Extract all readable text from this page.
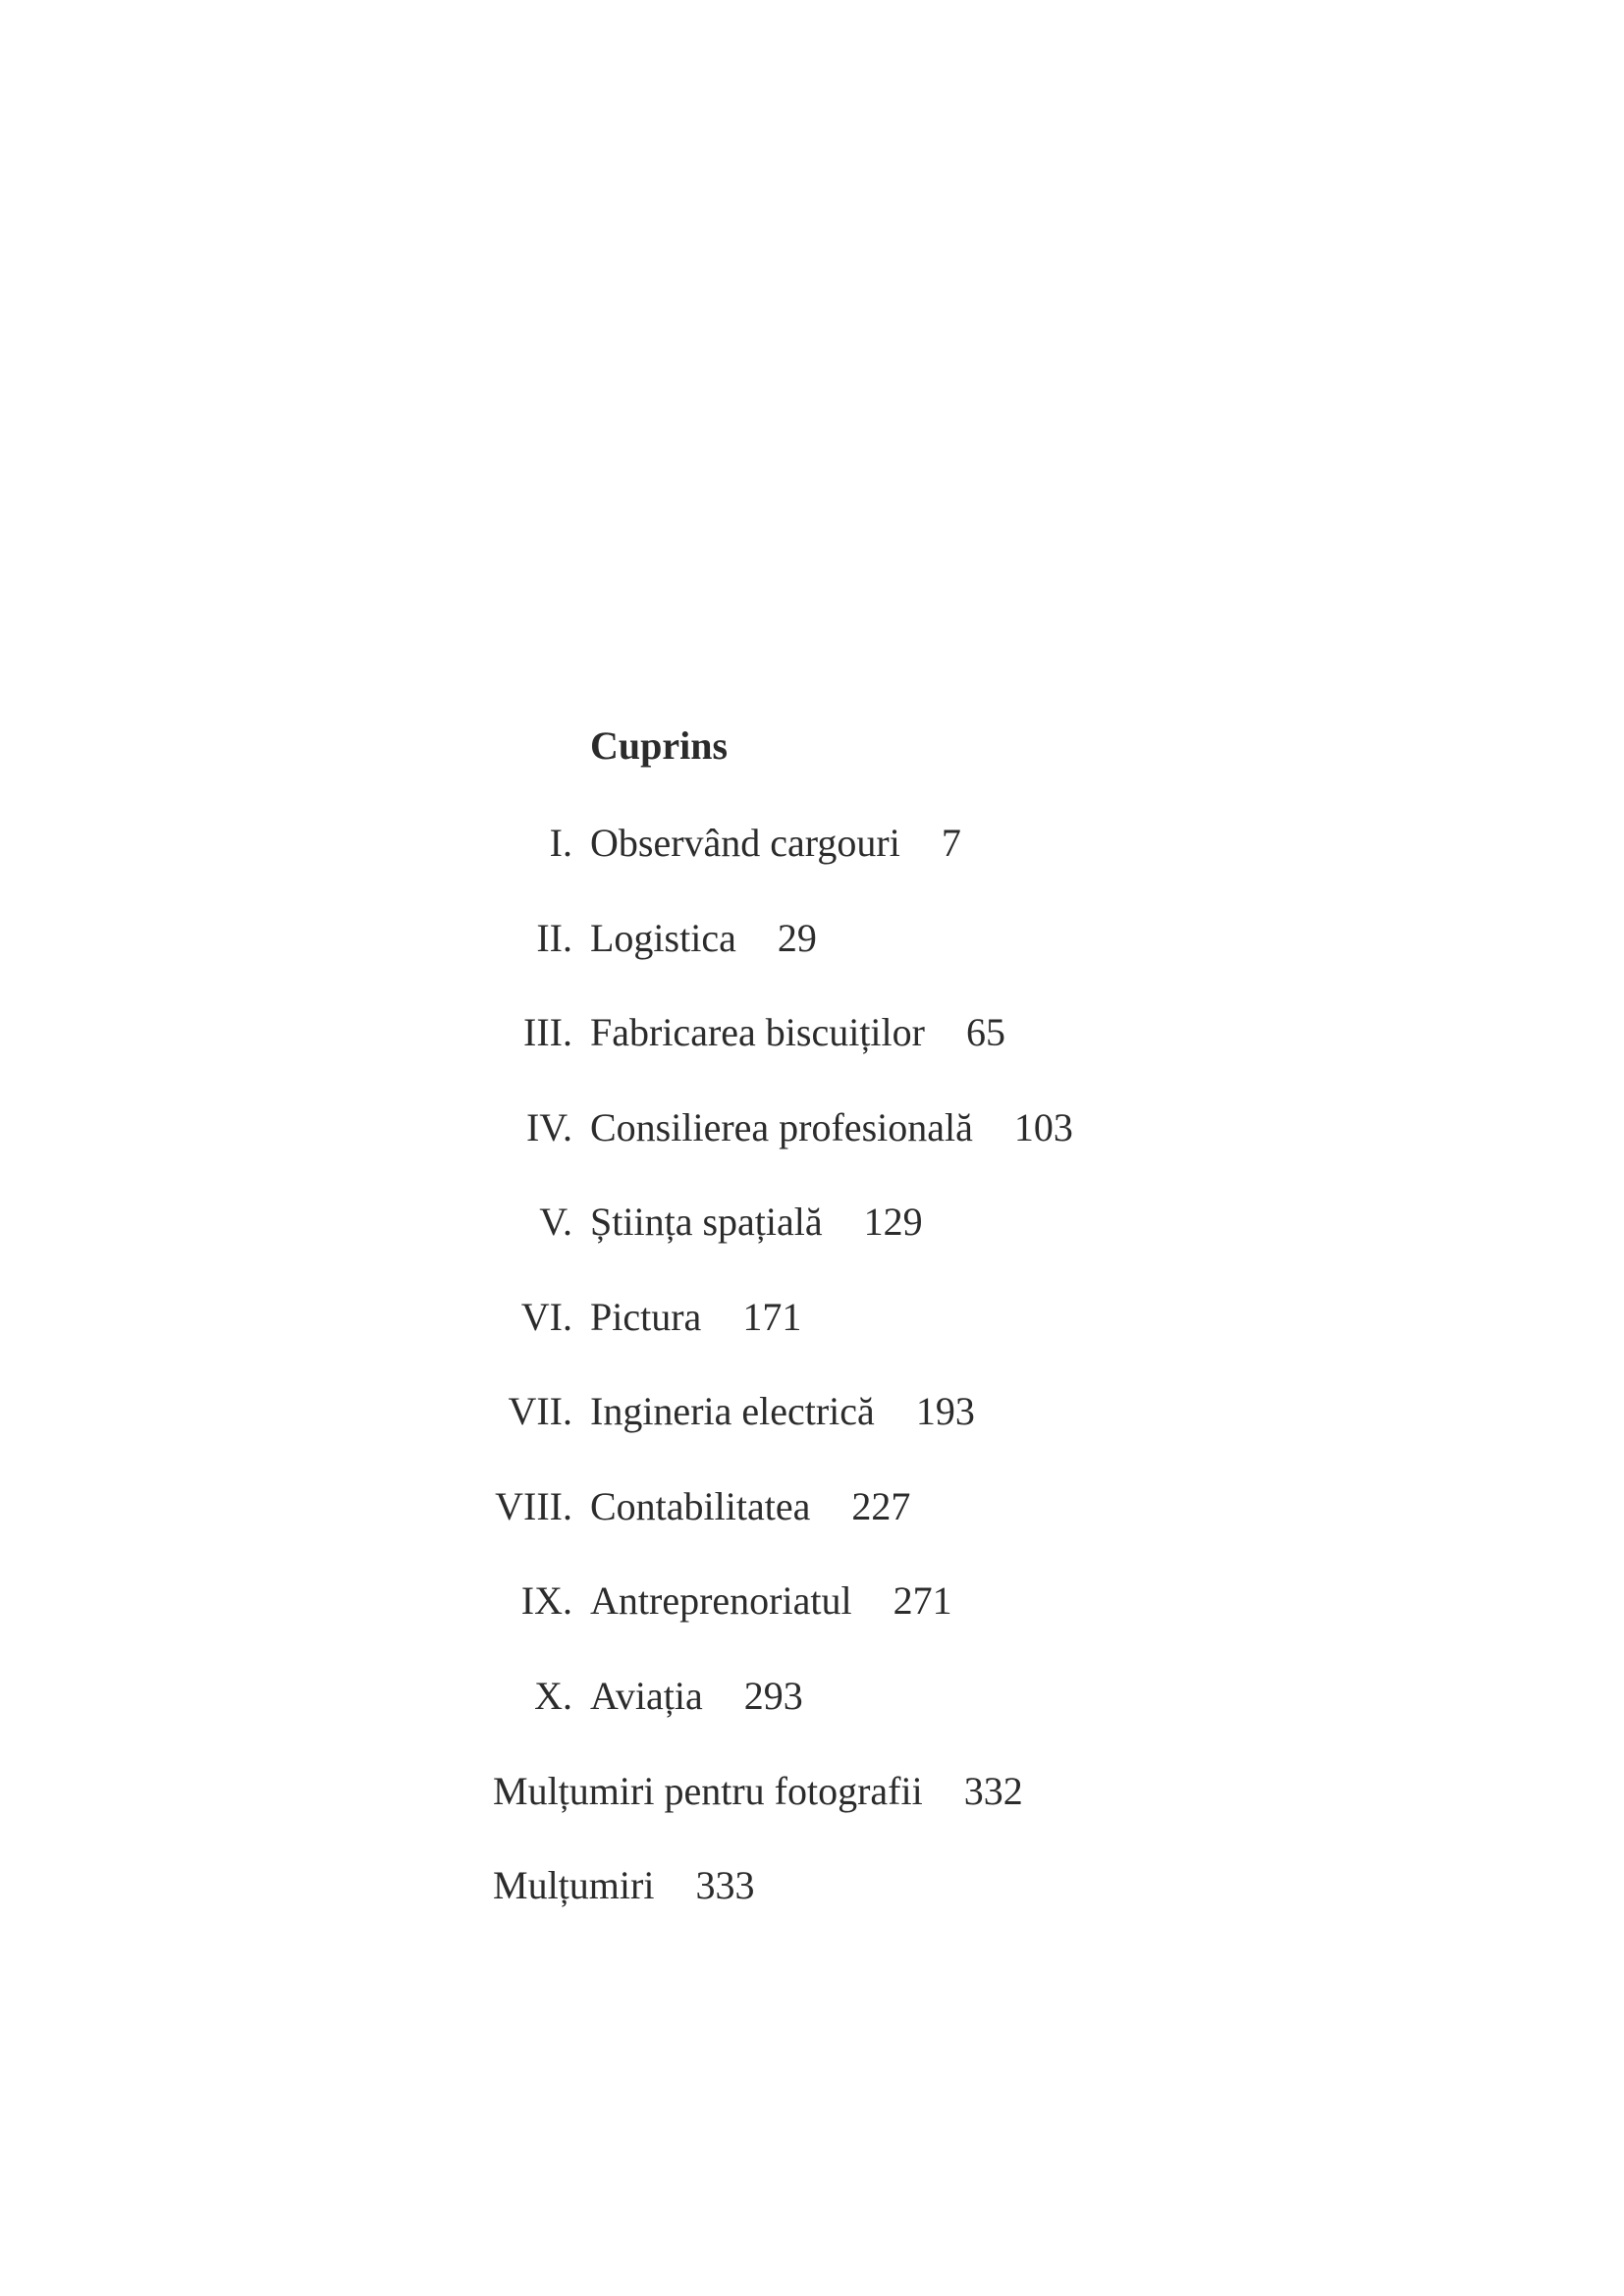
Cuprins
I. Observând cargouri 7
II. Logistica 29
III. Fabricarea biscuiților 65
IV. Consilierea profesională 103
V. Știința spațială 129
VI. Pictura 171
VII. Ingineria electrică 193
VIII. Contabilitatea 227
IX. Antreprenoriatul 271
X. Aviația 293
Mulțumiri pentru fotografii 332
Mulțumiri 333
